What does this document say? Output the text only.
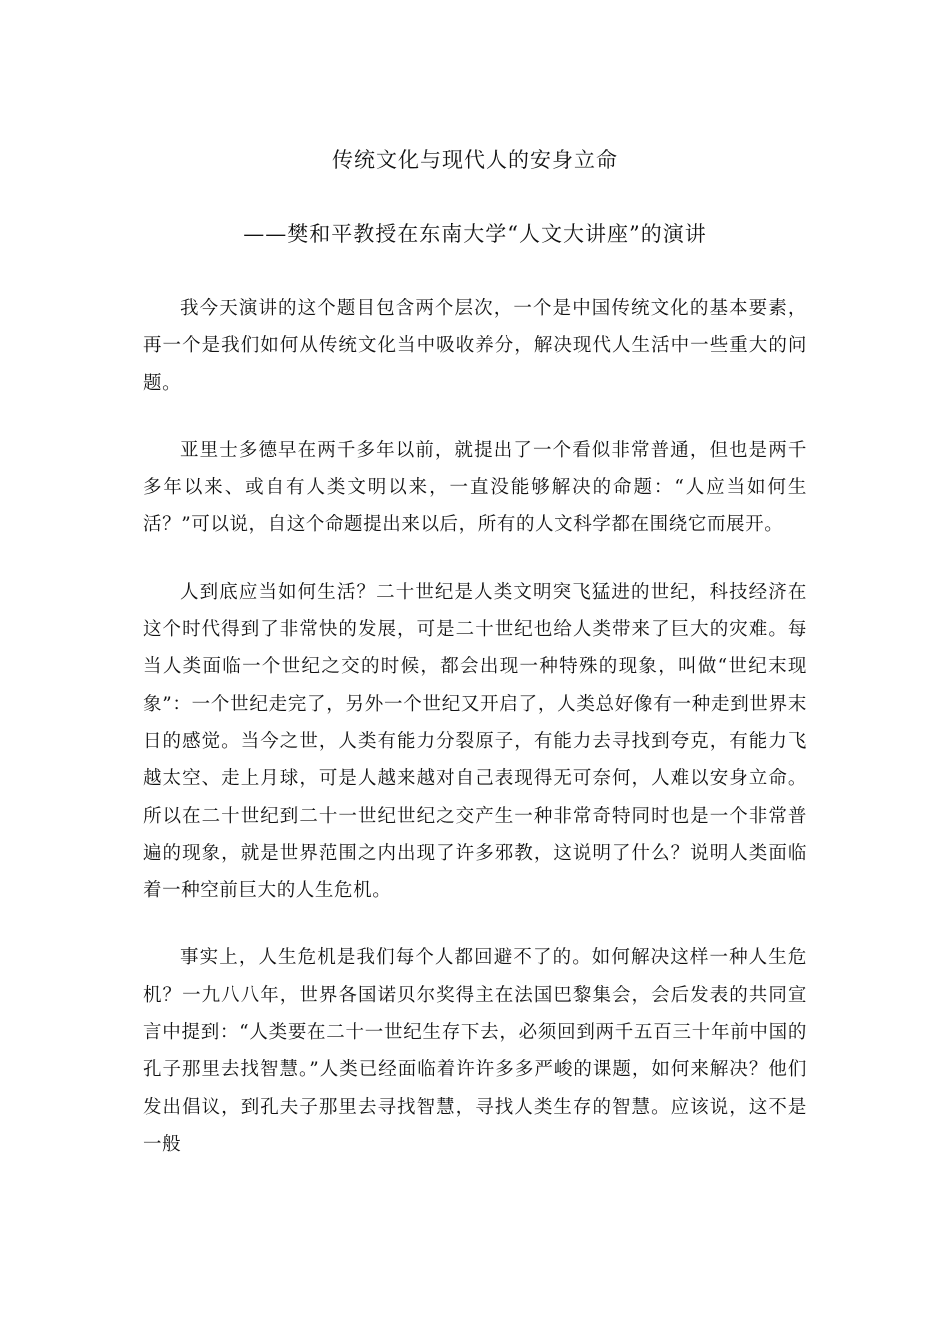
传统文化与现代人的安身立命
——樊和平教授在东南大学“人文大讲座”的演讲

我今天演讲的这个题目包含两个层次，一个是中国传统文化的基本要素，再一个是我们如何从传统文化当中吸收养分，解决现代人生活中一些重大的问题。

亚里士多德早在两千多年以前，就提出了一个看似非常普通，但也是两千多年以来、或自有人类文明以来，一直没能够解决的命题：“人应当如何生活？”可以说，自这个命题提出来以后，所有的人文科学都在围绕它而展开。

人到底应当如何生活？二十世纪是人类文明突飞猛进的世纪，科技经济在这个时代得到了非常快的发展，可是二十世纪也给人类带来了巨大的灾难。每当人类面临一个世纪之交的时候，都会出现一种特殊的现象，叫做“世纪末现象”：一个世纪走完了，另外一个世纪又开启了，人类总好像有一种走到世界末日的感觉。当今之世，人类有能力分裂原子，有能力去寻找到夸克，有能力飞越太空、走上月球，可是人越来越对自己表现得无可奈何，人难以安身立命。所以在二十世纪到二十一世纪世纪之交产生一种非常奇特同时也是一个非常普遍的现象，就是世界范围之内出现了许多邪教，这说明了什么？说明人类面临着一种空前巨大的人生危机。

事实上，人生危机是我们每个人都回避不了的。如何解决这样一种人生危机？一九八八年，世界各国诺贝尔奖得主在法国巴黎集会，会后发表的共同宣言中提到：“人类要在二十一世纪生存下去，必须回到两千五百三十年前中国的孔子那里去找智慧。”人类已经面临着许许多多严峻的课题，如何来解决？他们发出倡议，到孔夫子那里去寻找智慧，寻找人类生存的智慧。应该说，这不是一般
